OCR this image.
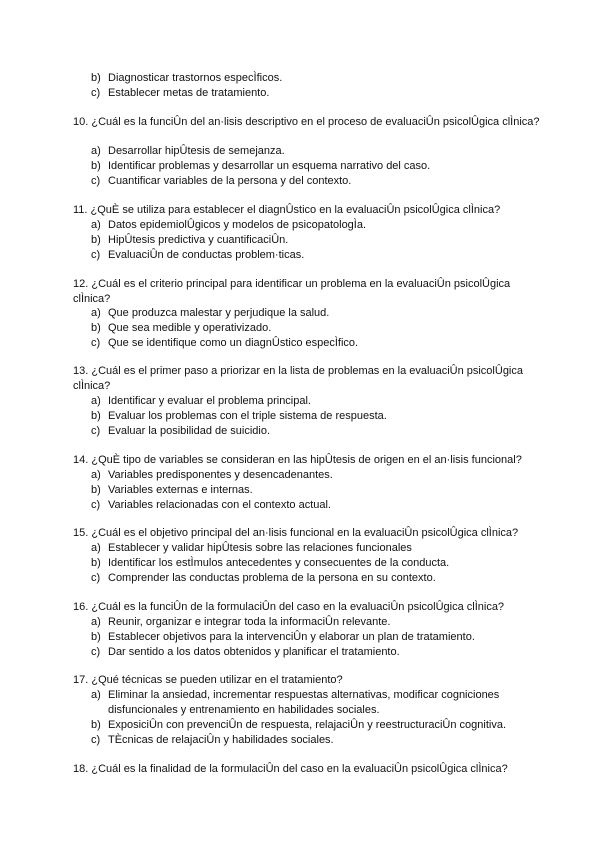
b) Diagnosticar trastornos especÌficos.
c) Establecer metas de tratamiento.
10. ¿Cuál es la funciÛn del an·lisis descriptivo en el proceso de evaluaciÛn psicolÛgica clÌnica?
a) Desarrollar hipÛtesis de semejanza.
b) Identificar problemas y desarrollar un esquema narrativo del caso.
c) Cuantificar variables de la persona y del contexto.
11. ¿QuÈ se utiliza para establecer el diagnÛstico en la evaluaciÛn psicolÛgica clÌnica?
a) Datos epidemiolÛgicos y modelos de psicopatologÌa.
b) HipÛtesis predictiva y cuantificaciÛn.
c) EvaluaciÛn de conductas problem·ticas.
12. ¿Cuál es el criterio principal para identificar un problema en la evaluaciÛn psicolÛgica clÌnica?
a) Que produzca malestar y perjudique la salud.
b) Que sea medible y operativizado.
c) Que se identifique como un diagnÛstico especÌfico.
13. ¿Cuál es el primer paso a priorizar en la lista de problemas en la evaluaciÛn psicolÛgica clÌnica?
a) Identificar y evaluar el problema principal.
b) Evaluar los problemas con el triple sistema de respuesta.
c) Evaluar la posibilidad de suicidio.
14. ¿QuÈ tipo de variables se consideran en las hipÛtesis de origen en el an·lisis funcional?
a) Variables predisponentes y desencadenantes.
b) Variables externas e internas.
c) Variables relacionadas con el contexto actual.
15. ¿Cuál es el objetivo principal del an·lisis funcional en la evaluaciÛn psicolÛgica clÌnica?
a) Establecer y validar hipÛtesis sobre las relaciones funcionales
b) Identificar los estÌmulos antecedentes y consecuentes de la conducta.
c) Comprender las conductas problema de la persona en su contexto.
16. ¿Cuál es la funciÛn de la formulaciÛn del caso en la evaluaciÛn psicolÛgica clÌnica?
a) Reunir, organizar e integrar toda la informaciÛn relevante.
b) Establecer objetivos para la intervenciÛn y elaborar un plan de tratamiento.
c) Dar sentido a los datos obtenidos y planificar el tratamiento.
17. ¿Qué técnicas se pueden utilizar en el tratamiento?
a) Eliminar la ansiedad, incrementar respuestas alternativas, modificar cogniciones disfuncionales y entrenamiento en habilidades sociales.
b) ExposiciÛn con prevenciÛn de respuesta, relajaciÛn y reestructuraciÛn cognitiva.
c) TÈcnicas de relajaciÛn y habilidades sociales.
18. ¿Cuál es la finalidad de la formulaciÛn del caso en la evaluaciÛn psicolÛgica clÌnica?
